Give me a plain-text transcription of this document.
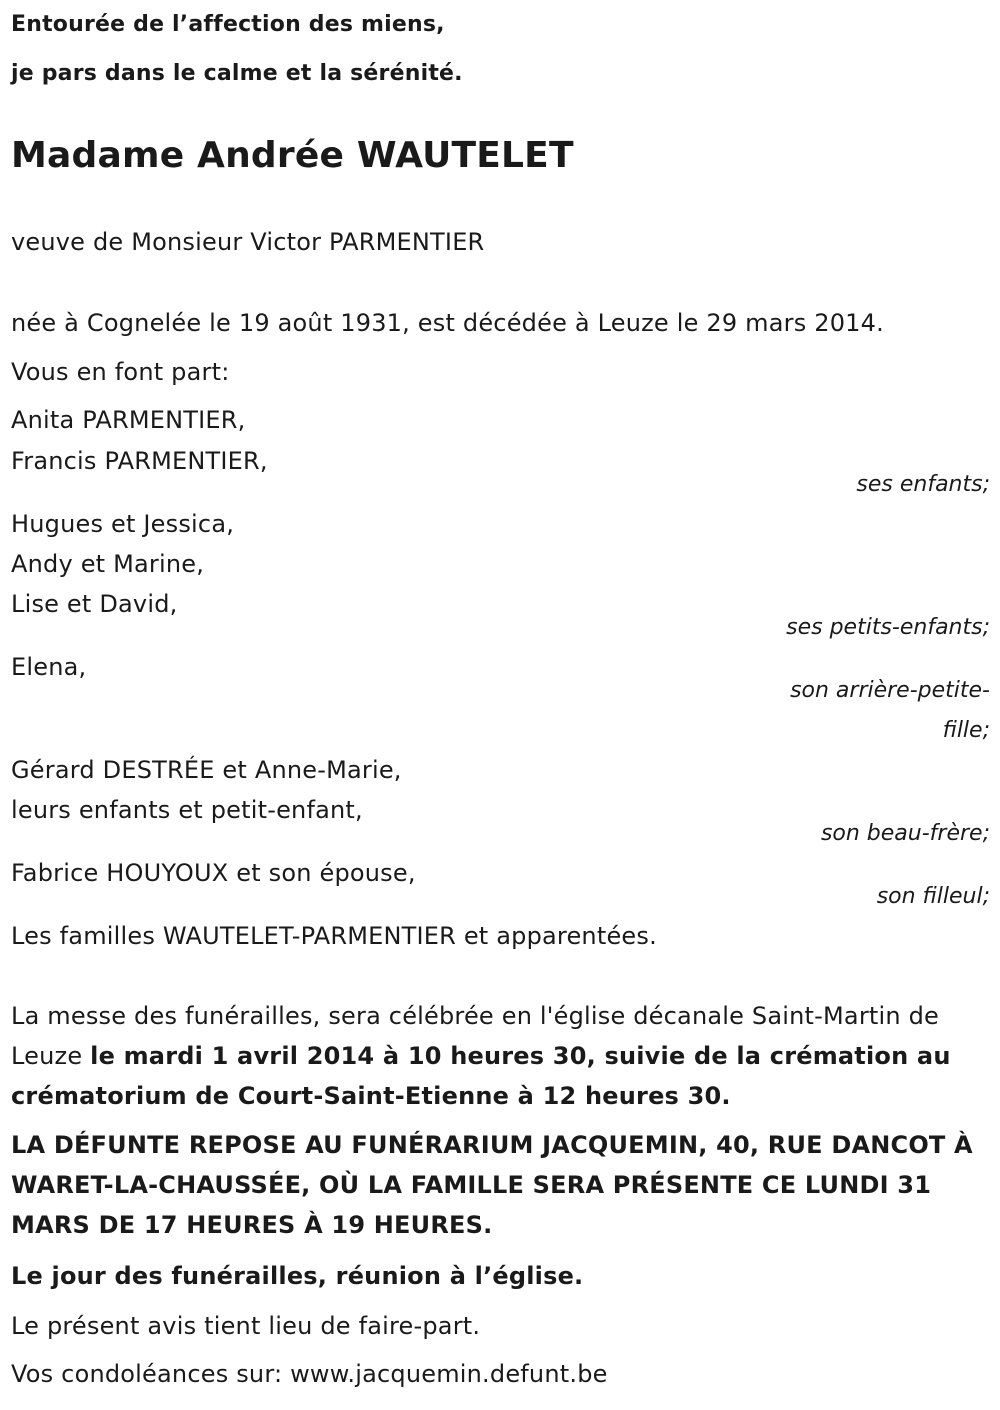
Entourée de l’affection des miens,
je pars dans le calme et la sérénité.
Madame Andrée WAUTELET
veuve de Monsieur Victor PARMENTIER
née à Cognelée le 19 août 1931, est décédée à Leuze le 29 mars 2014.
Vous en font part:
Anita PARMENTIER,
Francis PARMENTIER,
ses enfants;
Hugues et Jessica,
Andy et Marine,
Lise et David,
ses petits-enfants;
Elena,
son arrière-petite-
fille;
Gérard DESTRÉE et Anne-Marie,
leurs enfants et petit-enfant,
son beau-frère;
Fabrice HOUYOUX et son épouse,
son filleul;
Les familles WAUTELET-PARMENTIER et apparentées.
La messe des funérailles, sera célébrée en l'église décanale Saint-Martin de Leuze le mardi 1 avril 2014 à 10 heures 30, suivie de la crémation au crématorium de Court-Saint-Etienne à 12 heures 30.
LA DÉFUNTE REPOSE AU FUNÉRARIUM JACQUEMIN, 40, RUE DANCOT À WARET-LA-CHAUSSÉE, OÙ LA FAMILLE SERA PRÉSENTE CE LUNDI 31 MARS DE 17 HEURES À 19 HEURES.
Le jour des funérailles, réunion à l’église.
Le présent avis tient lieu de faire-part.
Vos condoléances sur: www.jacquemin.defunt.be
